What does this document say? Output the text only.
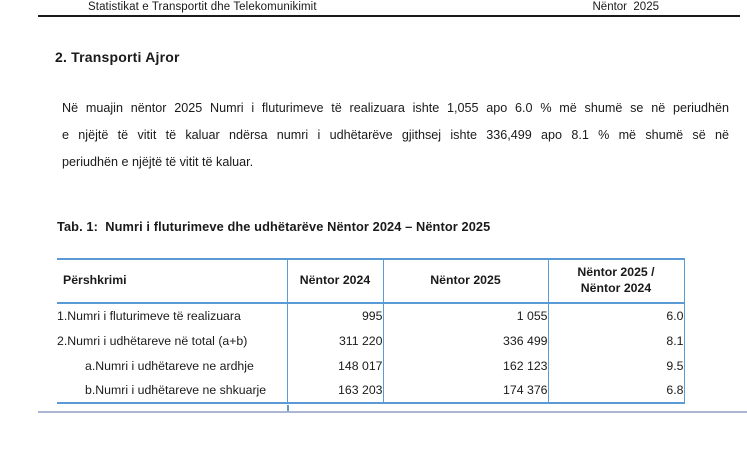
Statistikat e Transportit dhe Telekomunikimit	Nëntor  2025
2. Transporti Ajror
Në muajin nëntor 2025 Numri i fluturimeve të realizuara ishte 1,055 apo 6.0 % më shumë se në periudhën
e njëjtë të vitit të kaluar ndërsa numri i udhëtarëve gjithsej ishte 336,499 apo 8.1 % më shumë së në
periudhën e njëjtë të vitit të kaluar.
Tab. 1:  Numri i fluturimeve dhe udhëtarëve Nëntor 2024 – Nëntor 2025
Përshkrimi	Nëntor 2024	Nëntor 2025	Nëntor 2025 /
Nëntor 2024
1.Numri i fluturimeve të realizuara	995	1 055	6.0
2.Numri i udhëtareve në total (a+b)	311 220	336 499	8.1
a.Numri i udhëtareve ne ardhje	148 017	162 123	9.5
b.Numri i udhëtareve ne shkuarje	163 203	174 376	6.8
